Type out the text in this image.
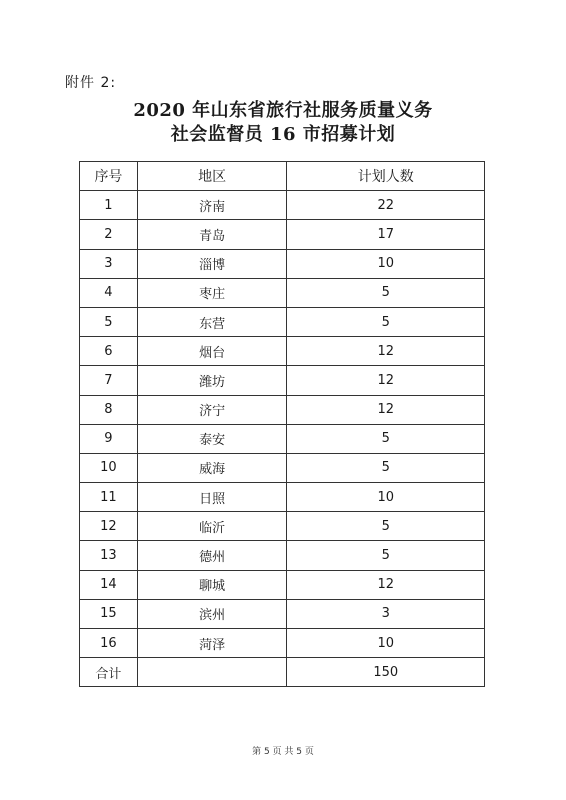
附件 2:
2020 年山东省旅行社服务质量义务
社会监督员 16 市招募计划
序号	地区	计划人数
1	济南	22
2	青岛	17
3	淄博	10
4	枣庄	5
5	东营	5
6	烟台	12
7	潍坊	12
8	济宁	12
9	泰安	5
10	威海	5
11	日照	10
12	临沂	5
13	德州	5
14	聊城	12
15	滨州	3
16	菏泽	10
合计		150
第 5 页 共 5 页
